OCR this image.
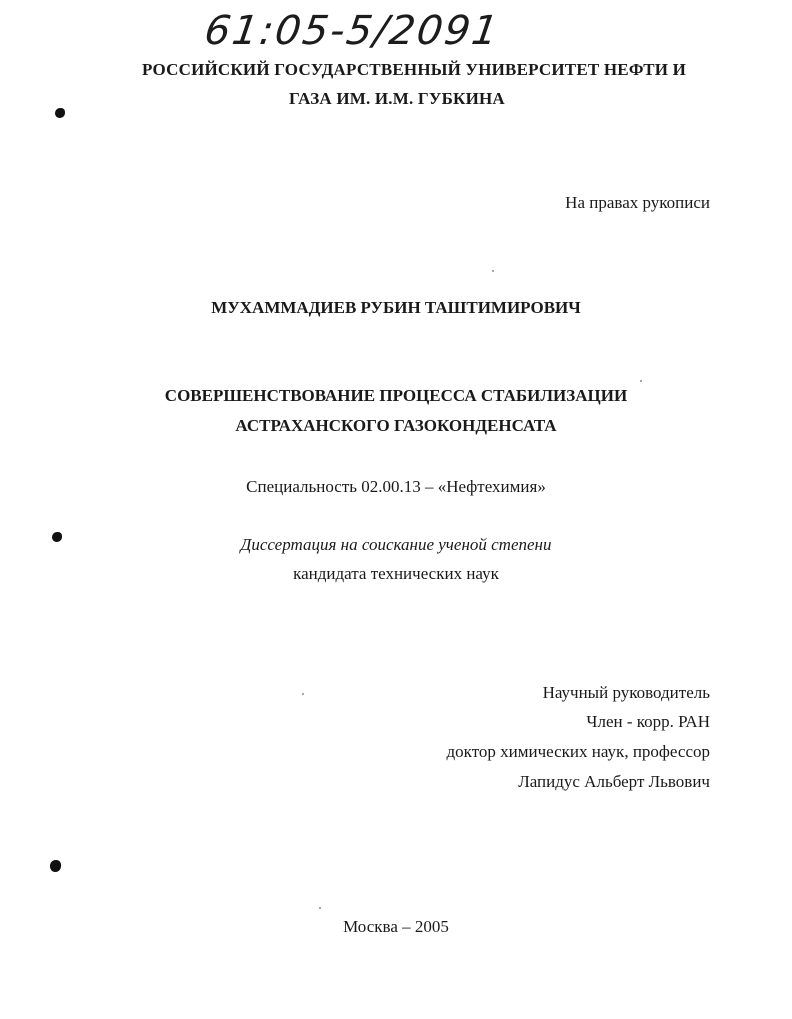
61:05-5/2091
РОССИЙСКИЙ ГОСУДАРСТВЕННЫЙ УНИВЕРСИТЕТ НЕФТИ И
ГАЗА ИМ. И.М. ГУБКИНА
На правах рукописи
МУХАММАДИЕВ РУБИН ТАШТИМИРОВИЧ
СОВЕРШЕНСТВОВАНИЕ ПРОЦЕССА СТАБИЛИЗАЦИИ
АСТРАХАНСКОГО ГАЗОКОНДЕНСАТА
Специальность 02.00.13 – «Нефтехимия»
Диссертация на соискание ученой степени
кандидата технических наук
Научный руководитель
Член - корр. РАН
доктор химических наук, профессор
Лапидус Альберт Львович
Москва – 2005
